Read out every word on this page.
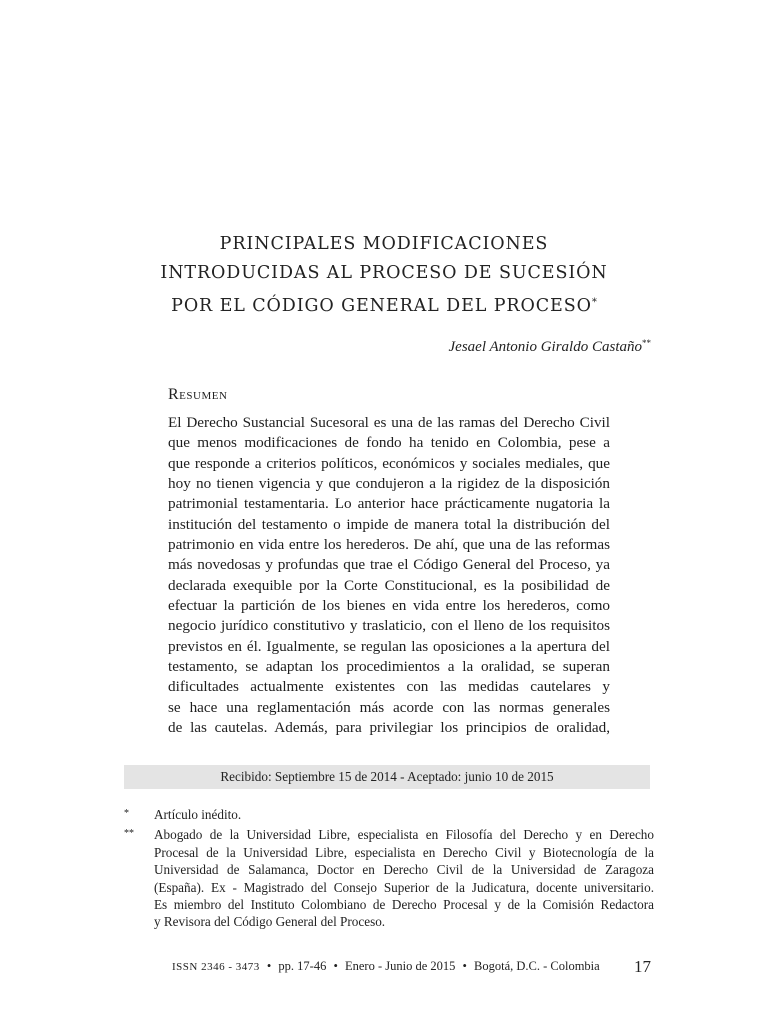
PRINCIPALES MODIFICACIONES
INTRODUCIDAS AL PROCESO DE SUCESIÓN
POR EL CÓDIGO GENERAL DEL PROCESO*
Jesael Antonio Giraldo Castaño**
Resumen
El Derecho Sustancial Sucesoral es una de las ramas del Derecho Civil
que menos modificaciones de fondo ha tenido en Colombia, pese a
que responde a criterios políticos, económicos y sociales mediales, que
hoy no tienen vigencia y que condujeron a la rigidez de la disposición
patrimonial testamentaria. Lo anterior hace prácticamente nugatoria la
institución del testamento o impide de manera total la distribución del
patrimonio en vida entre los herederos. De ahí, que una de las reformas
más novedosas y profundas que trae el Código General del Proceso, ya
declarada exequible por la Corte Constitucional, es la posibilidad de
efectuar la partición de los bienes en vida entre los herederos, como
negocio jurídico constitutivo y traslaticio, con el lleno de los requisitos
previstos en él. Igualmente, se regulan las oposiciones a la apertura del
testamento, se adaptan los procedimientos a la oralidad, se superan
dificultades actualmente existentes con las medidas cautelares y
se hace una reglamentación más acorde con las normas generales
de las cautelas. Además, para privilegiar los principios de oralidad,
Recibido: Septiembre 15 de 2014 - Aceptado: junio 10 de 2015
* Artículo inédito.
** Abogado de la Universidad Libre, especialista en Filosofía del Derecho y en Derecho
Procesal de la Universidad Libre, especialista en Derecho Civil y Biotecnología de la
Universidad de Salamanca, Doctor en Derecho Civil de la Universidad de Zaragoza
(España). Ex - Magistrado del Consejo Superior de la Judicatura, docente universitario.
Es miembro del Instituto Colombiano de Derecho Procesal y de la Comisión Redactora
y Revisora del Código General del Proceso.
ISSN 2346 - 3473 • pp. 17-46 • Enero - Junio de 2015 • Bogotá, D.C. - Colombia 17
